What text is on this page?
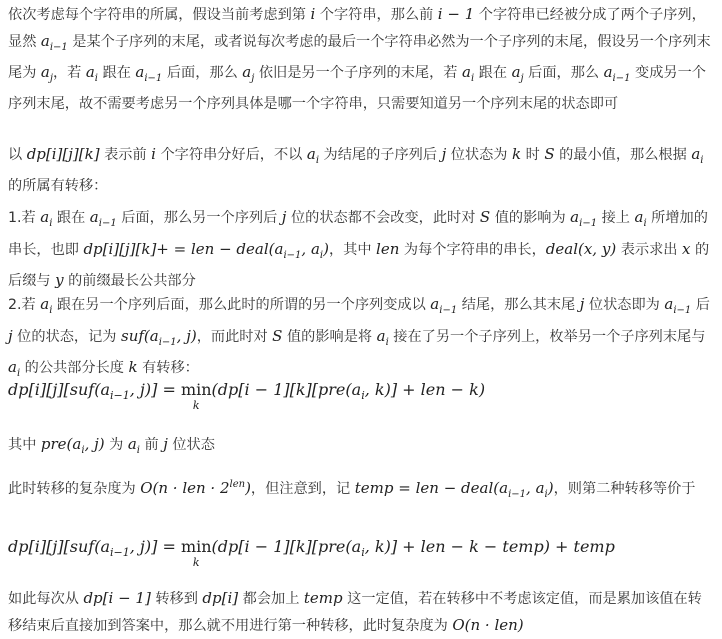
依次考虑每个字符串的所属，假设当前考虑到第 i 个字符串，那么前 i − 1 个字符串已经被分成了两个子序列，显然 $a_{i-1}$ 是某个子序列的末尾，或者说每次考虑的最后一个字符串必然为一个子序列的末尾，假设另一个序列末尾为 $a_j$，若 $a_i$ 跟在 $a_{i-1}$ 后面，那么 $a_j$ 依旧是另一个子序列的末尾，若 $a_i$ 跟在 $a_j$ 后面，那么 $a_{i-1}$ 变成另一个序列末尾，故不需要考虑另一个序列具体是哪一个字符串，只需要知道另一个序列末尾的状态即可

以 dp[i][j][k] 表示前 i 个字符串分好后，不以 $a_i$ 为结尾的子序列后 j 位状态为 k 时 S 的最小值，那么根据 $a_i$ 的所属有转移：

1.若 $a_i$ 跟在 $a_{i-1}$ 后面，那么另一个序列后 j 位的状态都不会改变，此时对 S 值的影响为 $a_{i-1}$ 接上 $a_i$ 所增加的串长，也即 dp[i][j][k]+ = len − $deal(a_{i-1}$, $a_i$)，其中 len 为每个字符串的串长，deal(x, y) 表示求出 x 的后缀与 y 的前缀最长公共部分

2.若 $a_i$ 跟在另一个序列后面，那么此时的所谓的另一个序列变成以 $a_{i-1}$ 结尾，那么其末尾 j 位状态即为 $a_{i-1}$ 后 j 位的状态，记为 $suf(a_{i-1}$, j)，而此时对 S 值的影响是将 $a_i$ 接在了另一个子序列上，枚举另一个子序列末尾与 $a_i$ 的公共部分长度 k 有转移：

$dp[i][j][suf(a_{i-1}$, j)] = min
k
($dp[i - 1][k][pre(a_i$, k)] + len − k)

其中 $pre(a_i$, j) 为 $a_i$ 前 j 位状态

此时转移的复杂度为 O(n · len · $2^{len}$)，但注意到，记 temp = len − $deal(a_{i-1}$, $a_i$)，则第二种转移等价于

$dp[i][j][suf(a_{i-1}$, j)] = min
k
($dp[i - 1][k][pre(a_i$, k)] + len − k − temp) + temp

如此每次从 dp[i − 1] 转移到 dp[i] 都会加上 temp 这一定值，若在转移中不考虑该定值，而是累加该值在转移结束后直接加到答案中，那么就不用进行第一种转移，此时复杂度为 O(n · len)
